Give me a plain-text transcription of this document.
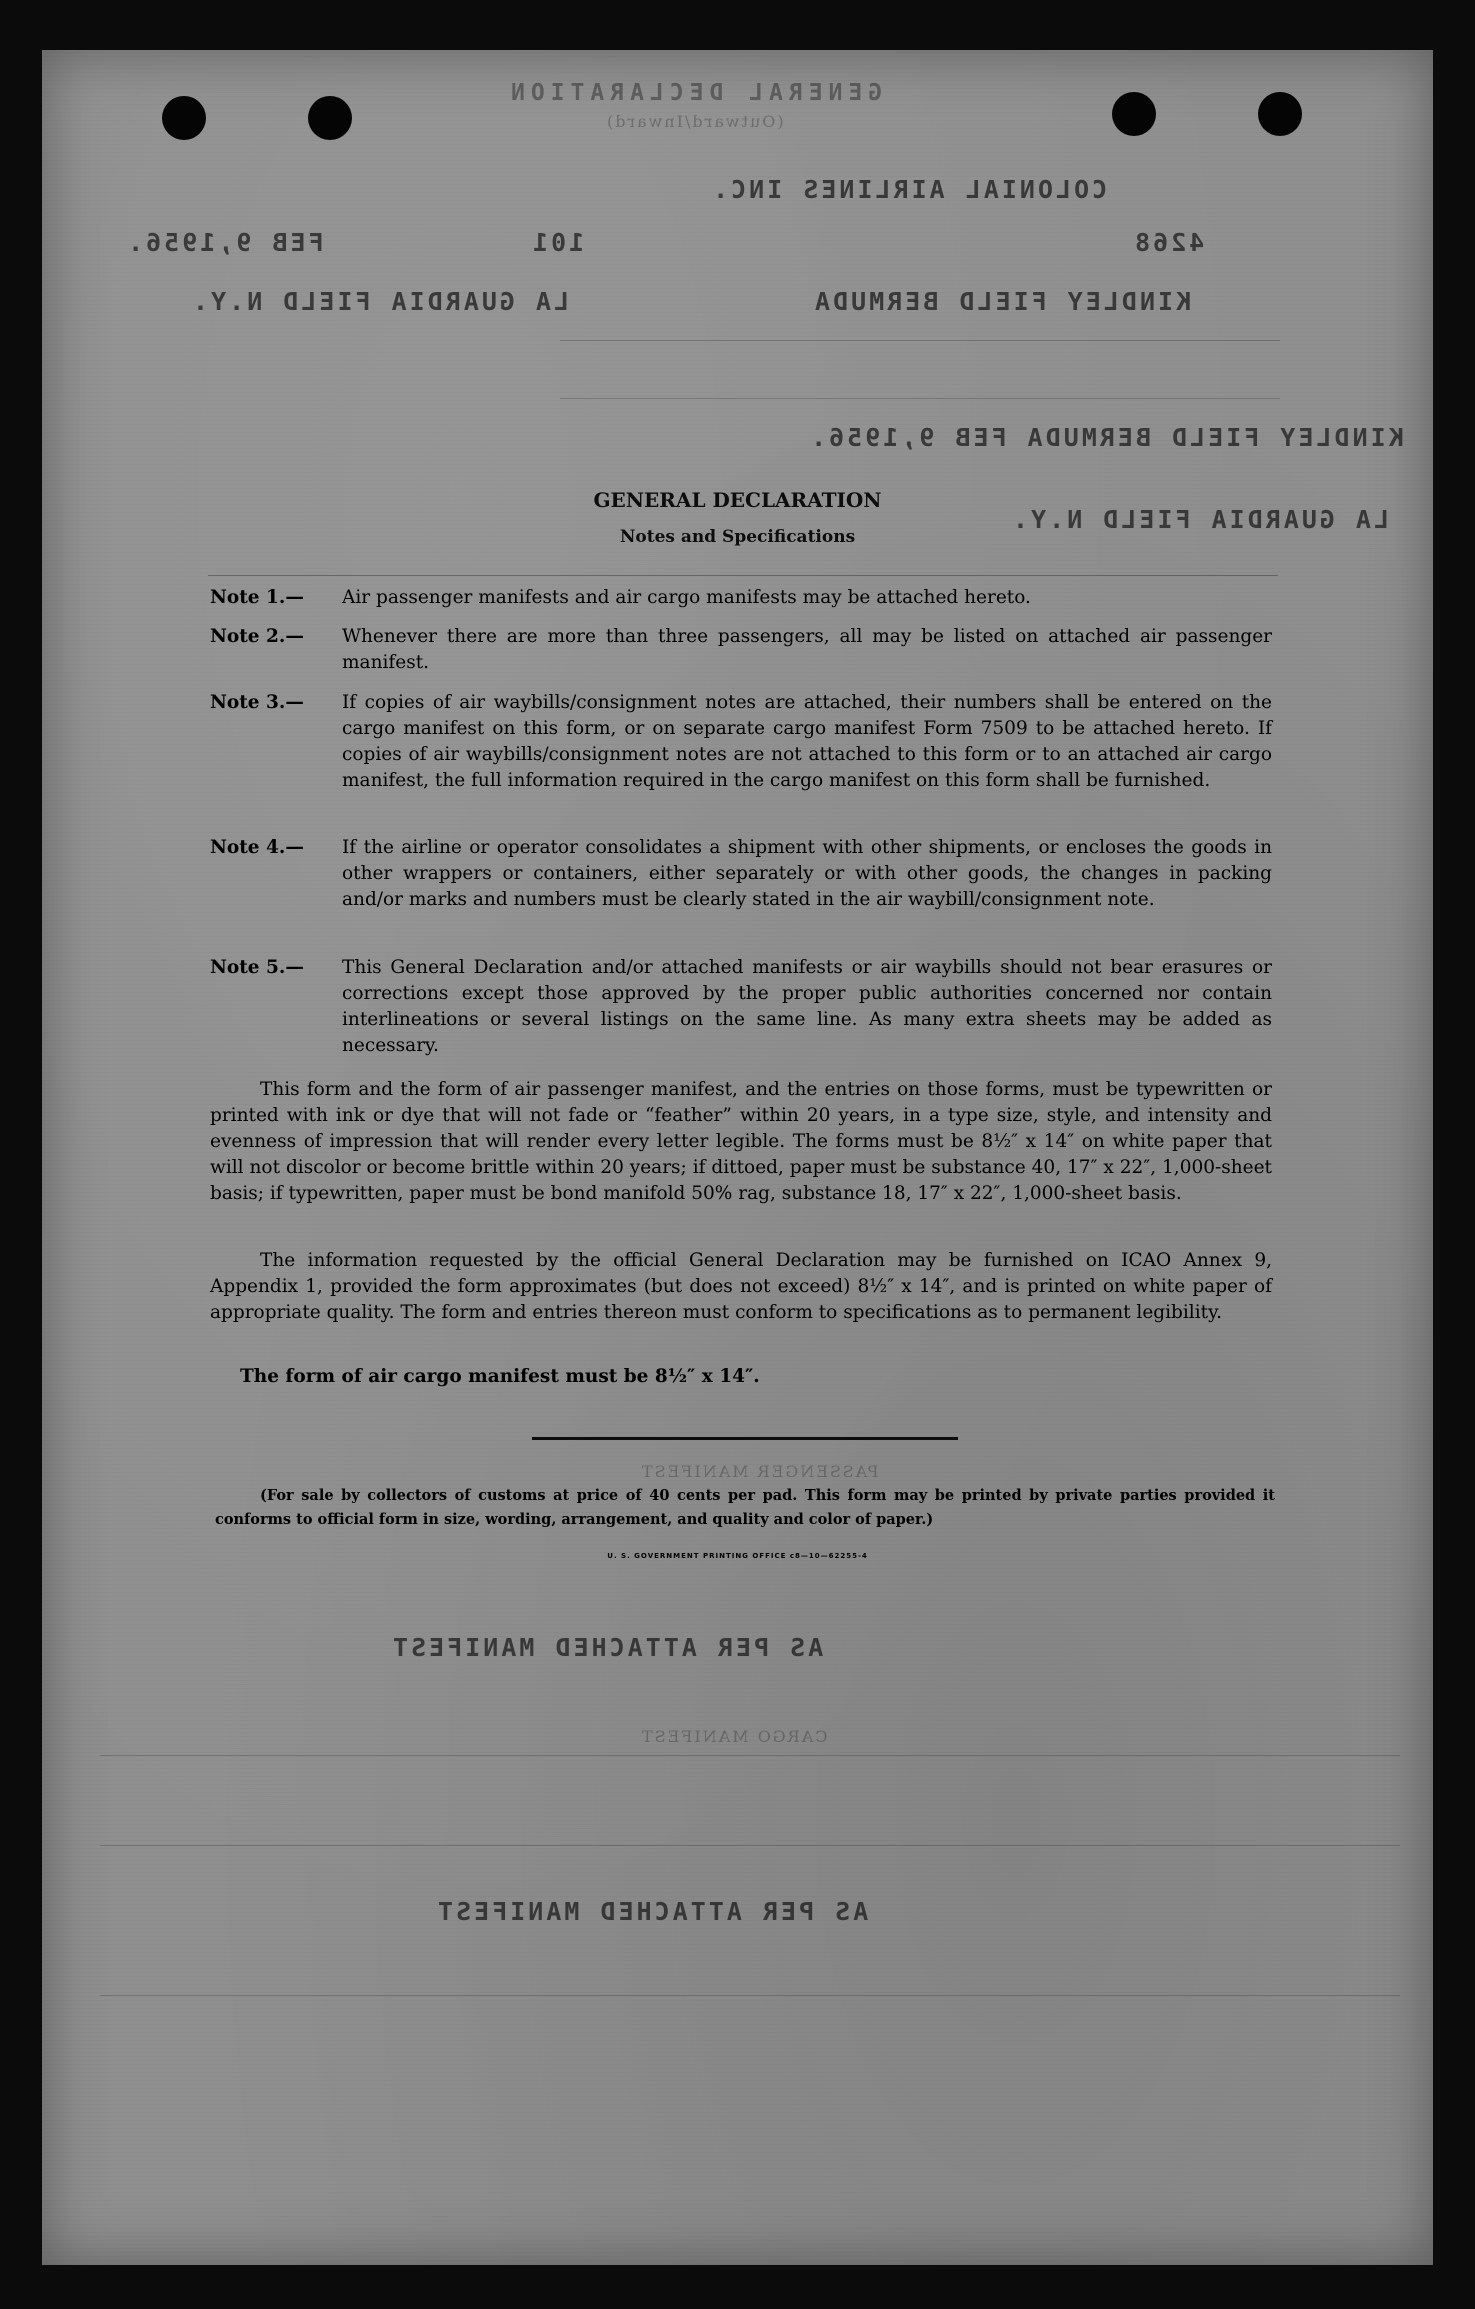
GENERAL DECLARATION
(Outward/Inward)
COLONIAL AIRLINES INC.
4268
101
FEB 9,1956.
KINDLEY FIELD BERMUDA
LA GUARDIA FIELD N.Y.
KINDLEY FIELD BERMUDA FEB 9,1956.
LA GUARDIA FIELD N.Y.
PASSENGER MANIFEST
AS PER ATTACHED MANIFEST
CARGO MANIFEST
AS PER ATTACHED MANIFEST
GENERAL DECLARATION
Notes and Specifications
Note 1.—	Air passenger manifests and air cargo manifests may be attached hereto.
Note 2.—	Whenever there are more than three passengers, all may be listed on attached air passenger manifest.
Note 3.—	If copies of air waybills/consignment notes are attached, their numbers shall be entered on the cargo manifest on this form, or on separate cargo manifest Form 7509 to be attached hereto. If copies of air waybills/consignment notes are not attached to this form or to an attached air cargo manifest, the full information required in the cargo manifest on this form shall be furnished.
Note 4.—	If the airline or operator consolidates a shipment with other shipments, or encloses the goods in other wrappers or containers, either separately or with other goods, the changes in packing and/or marks and numbers must be clearly stated in the air waybill/consignment note.
Note 5.—	This General Declaration and/or attached manifests or air waybills should not bear erasures or corrections except those approved by the proper public authorities concerned nor contain interlineations or several listings on the same line. As many extra sheets may be added as necessary.
This form and the form of air passenger manifest, and the entries on those forms, must be typewritten or printed with ink or dye that will not fade or “feather” within 20 years, in a type size, style, and intensity and evenness of impression that will render every letter legible. The forms must be 8½″ x 14″ on white paper that will not discolor or become brittle within 20 years; if dittoed, paper must be substance 40, 17″ x 22″, 1,000-sheet basis; if typewritten, paper must be bond manifold 50% rag, substance 18, 17″ x 22″, 1,000-sheet basis.
The information requested by the official General Declaration may be furnished on ICAO Annex 9, Appendix 1, provided the form approximates (but does not exceed) 8½″ x 14″, and is printed on white paper of appropriate quality. The form and entries thereon must conform to specifications as to permanent legibility.
The form of air cargo manifest must be 8½″ x 14″.
(For sale by collectors of customs at price of 40 cents per pad. This form may be printed by private parties provided it conforms to official form in size, wording, arrangement, and quality and color of paper.)
U. S. GOVERNMENT PRINTING OFFICE c8—10—62255-4
